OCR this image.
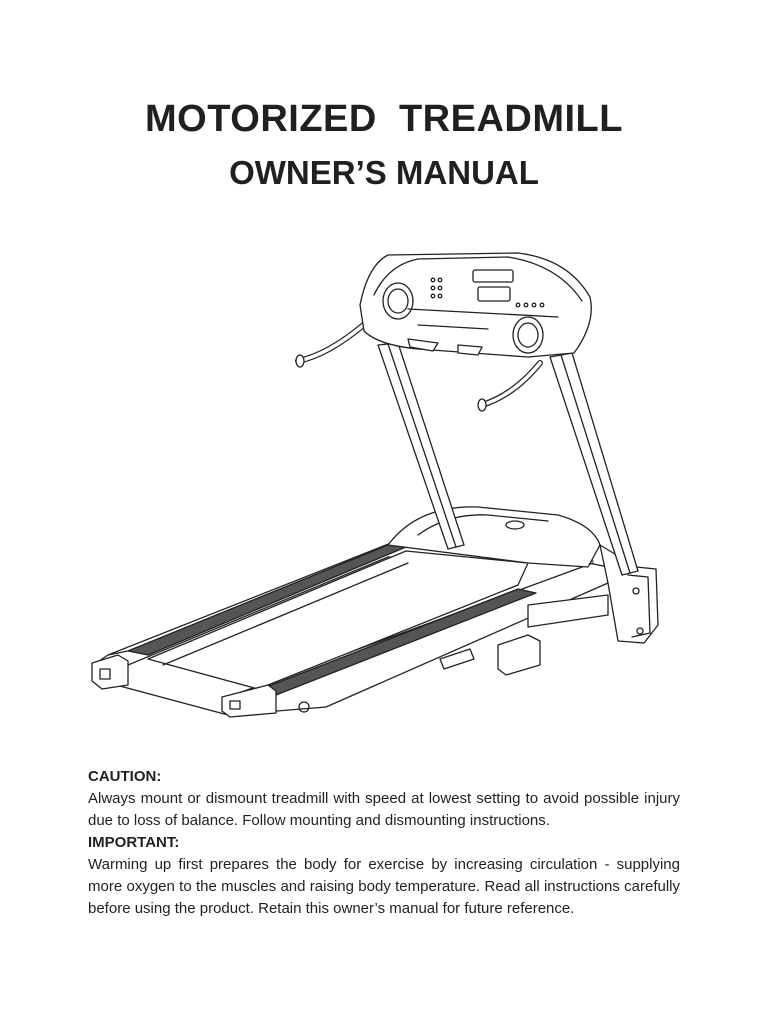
MOTORIZED  TREADMILL
OWNER’S MANUAL

CAUTION:

Always mount or dismount treadmill with speed at lowest setting to avoid possible injury due to loss of balance. Follow mounting and dismounting instructions.

IMPORTANT:

Warming up first prepares the body for exercise by increasing circulation - supplying more oxygen to the muscles and raising body temperature. Read all instructions carefully before using the product. Retain this owner’s manual for future reference.
